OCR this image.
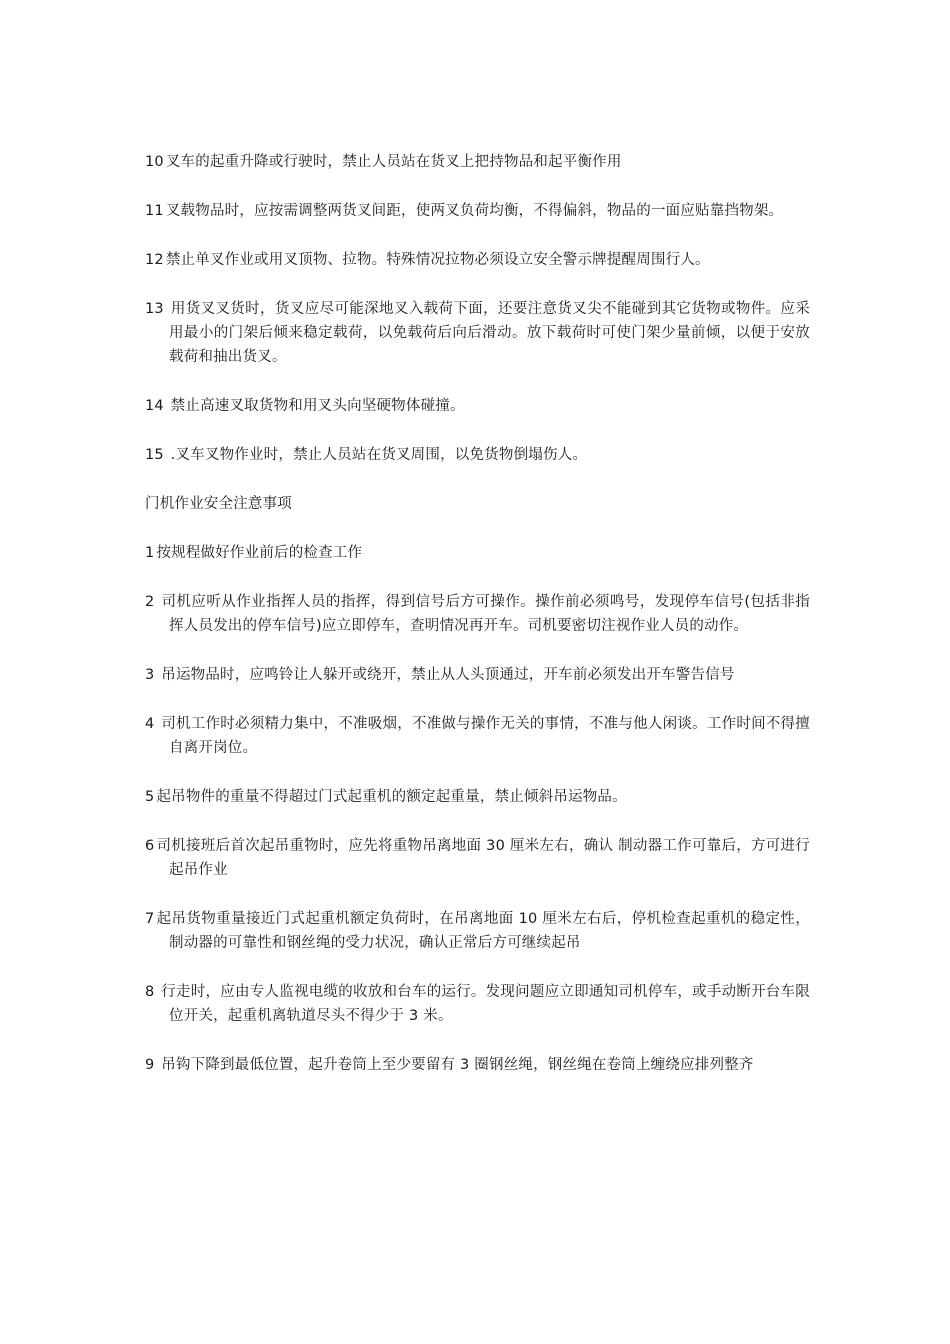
10 叉车的起重升降或行驶时，禁止人员站在货叉上把持物品和起平衡作用

11 叉载物品时，应按需调整两货叉间距，使两叉负荷均衡，不得偏斜，物品的一面应贴靠挡物架。

12 禁止单叉作业或用叉顶物、拉物。特殊情况拉物必须设立安全警示牌提醒周围行人。

13 用货叉叉货时，货叉应尽可能深地叉入载荷下面，还要注意货叉尖不能碰到其它货物或物件。应采用最小的门架后倾来稳定载荷，以免载荷后向后滑动。放下载荷时可使门架少量前倾，以便于安放载荷和抽出货叉。

14 禁止高速叉取货物和用叉头向坚硬物体碰撞。

15 .叉车叉物作业时，禁止人员站在货叉周围，以免货物倒塌伤人。

门机作业安全注意事项

1 按规程做好作业前后的检查工作

2 司机应听从作业指挥人员的指挥，得到信号后方可操作。操作前必须鸣号，发现停车信号(包括非指挥人员发出的停车信号)应立即停车，查明情况再开车。司机要密切注视作业人员的动作。

3 吊运物品时，应鸣铃让人躲开或绕开，禁止从人头顶通过，开车前必须发出开车警告信号

4 司机工作时必须精力集中，不准吸烟，不准做与操作无关的事情，不准与他人闲谈。工作时间不得擅自离开岗位。

5 起吊物件的重量不得超过门式起重机的额定起重量，禁止倾斜吊运物品。

6 司机接班后首次起吊重物时，应先将重物吊离地面 30 厘米左右，确认 制动器工作可靠后，方可进行起吊作业

7 起吊货物重量接近门式起重机额定负荷时，在吊离地面 10 厘米左右后，停机检查起重机的稳定性，制动器的可靠性和钢丝绳的受力状况，确认正常后方可继续起吊

8 行走时，应由专人监视电缆的收放和台车的运行。发现问题应立即通知司机停车，或手动断开台车限位开关，起重机离轨道尽头不得少于 3 米。

9 吊钩下降到最低位置，起升卷筒上至少要留有 3 圈钢丝绳，钢丝绳在卷筒上缠绕应排列整齐
